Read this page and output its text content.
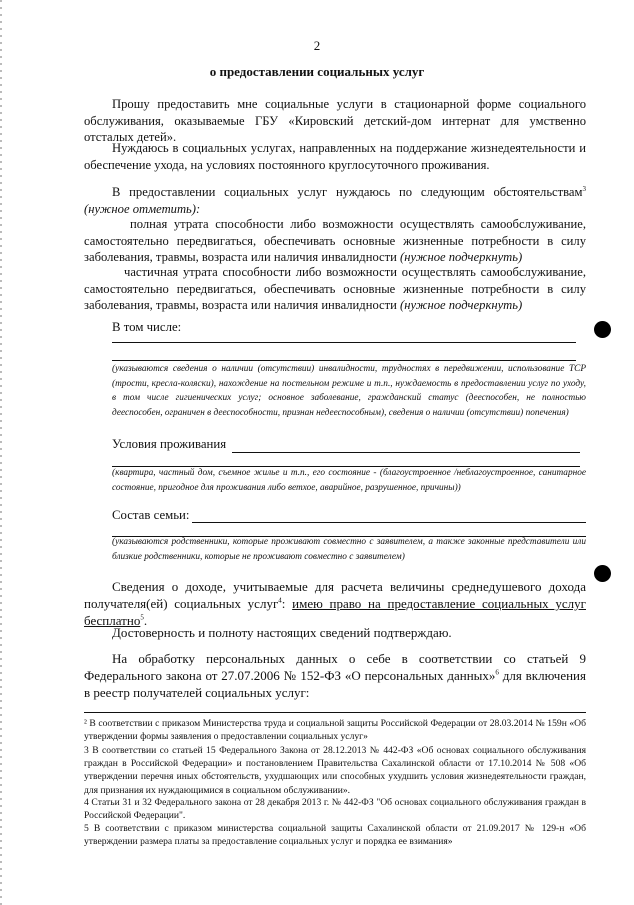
2
о предоставлении социальных услуг

Прошу предоставить мне социальные услуги в стационарной форме социального обслуживания, оказываемые ГБУ «Кировский детский-дом интернат для умственно отсталых детей».

Нуждаюсь в социальных услугах, направленных на поддержание жизнедеятельности и обеспечение ухода, на условиях постоянного круглосуточного проживания.

В предоставлении социальных услуг нуждаюсь по следующим обстоятельствам$^3$ (нужное отметить):

полная утрата способности либо возможности осуществлять самообслуживание, самостоятельно передвигаться, обеспечивать основные жизненные потребности в силу заболевания, травмы, возраста или наличия инвалидности (нужное подчеркнуть)

частичная утрата способности либо возможности осуществлять самообслуживание, самостоятельно передвигаться, обеспечивать основные жизненные потребности в силу заболевания, травмы, возраста или наличия инвалидности (нужное подчеркнуть)

В том числе:

(указываются сведения о наличии (отсутствии) инвалидности, трудностях в передвижении, использование ТСР (трости, кресла-коляски), нахождение на постельном режиме и т.п., нуждаемость в предоставлении услуг по уходу, в том числе гигиенических услуг; основное заболевание, гражданский статус (дееспособен, не полностью дееспособен, ограничен в дееспособности, признан недееспособным), сведения о наличии (отсутствии) попечения)

Условия проживания

(квартира, частный дом, съемное жилье и т.п., его состояние - (благоустроенное /неблагоустроенное, санитарное состояние, пригодное для проживания либо ветхое, аварийное, разрушенное, причины))

Состав семьи:

(указываются родственники, которые проживают совместно с заявителем, а также законные представители или близкие родственники, которые не проживают совместно с заявителем)

Сведения о доходе, учитываемые для расчета величины среднедушевого дохода получателя(ей) социальных услуг$^4$: имею право на предоставление социальных услуг бесплатно$^5$.

Достоверность и полноту настоящих сведений подтверждаю.

На обработку персональных данных о себе в соответствии со статьей 9 Федерального закона от 27.07.2006 № 152-ФЗ «О персональных данных»$^6$ для включения в реестр получателей социальных услуг:

² В соответствии с приказом Министерства труда и социальной защиты Российской Федерации от 28.03.2014 № 159н «Об утверждении формы заявления о предоставлении социальных услуг»

3 В соответствии со статьей 15 Федерального Закона от 28.12.2013 № 442-ФЗ «Об основах социального обслуживания граждан в Российской Федерации» и постановлением Правительства Сахалинской области от 17.10.2014 № 508 «Об утверждении перечня иных обстоятельств, ухудшающих или способных ухудшить условия жизнедеятельности граждан, для признания их нуждающимися в социальном обслуживании».

4 Статьи 31 и 32 Федерального закона от 28 декабря 2013 г. № 442-ФЗ "Об основах социального обслуживания граждан в Российской Федерации".

5 В соответствии с приказом министерства социальной защиты Сахалинской области от 21.09.2017 № 129-н «Об утверждении размера платы за предоставление социальных услуг и порядка ее взимания»
